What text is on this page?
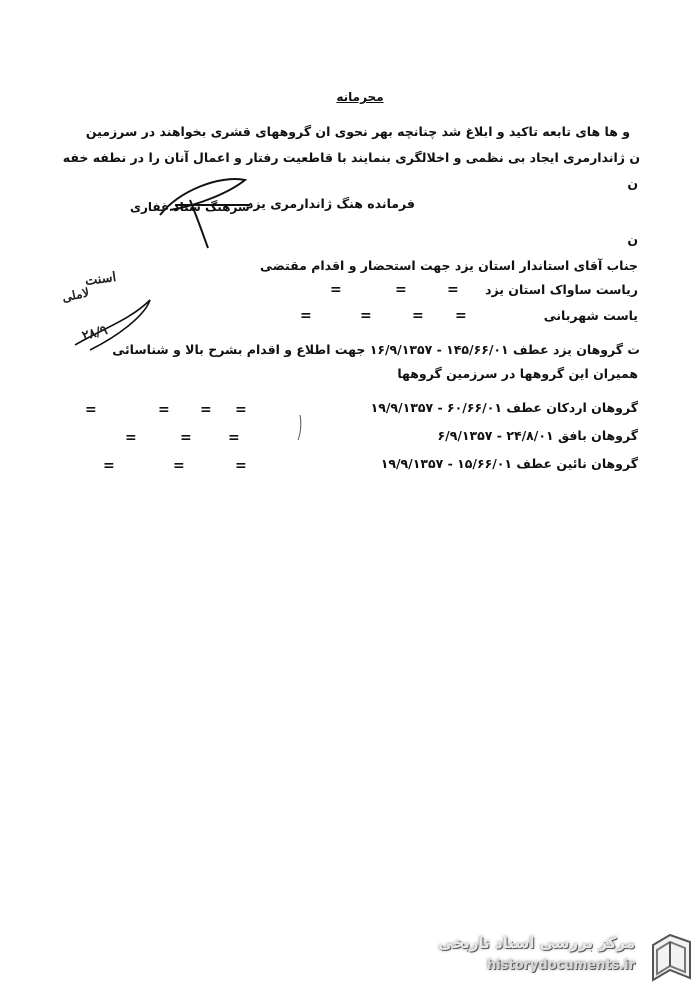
محرمانه
و ها های تابعه تاکید و ابلاغ شد چنانچه بهر نحوی ان گروههای قشری بخواهند در سرزمین
ن ژاندارمری ایجاد بی نظمی و اخلالگری بنمایند با قاطعیت رفتار و اعمال آنان را در نطفه خفه
ن
فرمانده هنگ ژاندارمری یزد
سرهنگ ستاد غفاری
ن
جناب آقای استاندار استان یزد جهت استحضار و اقدام مقتضی
ریاست ساواک استان یزد
=	=	=
یاست شهربانی
=	=	= =
ت گروهان یزد عطف ۱۴۵/۶۶/۰۱ - ۱۶/۹/۱۳۵۷ جهت اطلاع و اقدام بشرح بالا و شناسائی
همیران این گروهها در سرزمین گروهها
گروهان اردکان عطف ۶۰/۶۶/۰۱ - ۱۹/۹/۱۳۵۷
=	= = =
گروهان بافق ۲۴/۸/۰۱ - ۶/۹/۱۳۵۷
=	=	=
گروهان نائین عطف ۱۵/۶۶/۰۱ - ۱۹/۹/۱۳۵۷
=	=	=
اسنت
لاملی
۲۸/۹
مرکز بررسی اسناد تاریخی
historydocuments.ir
